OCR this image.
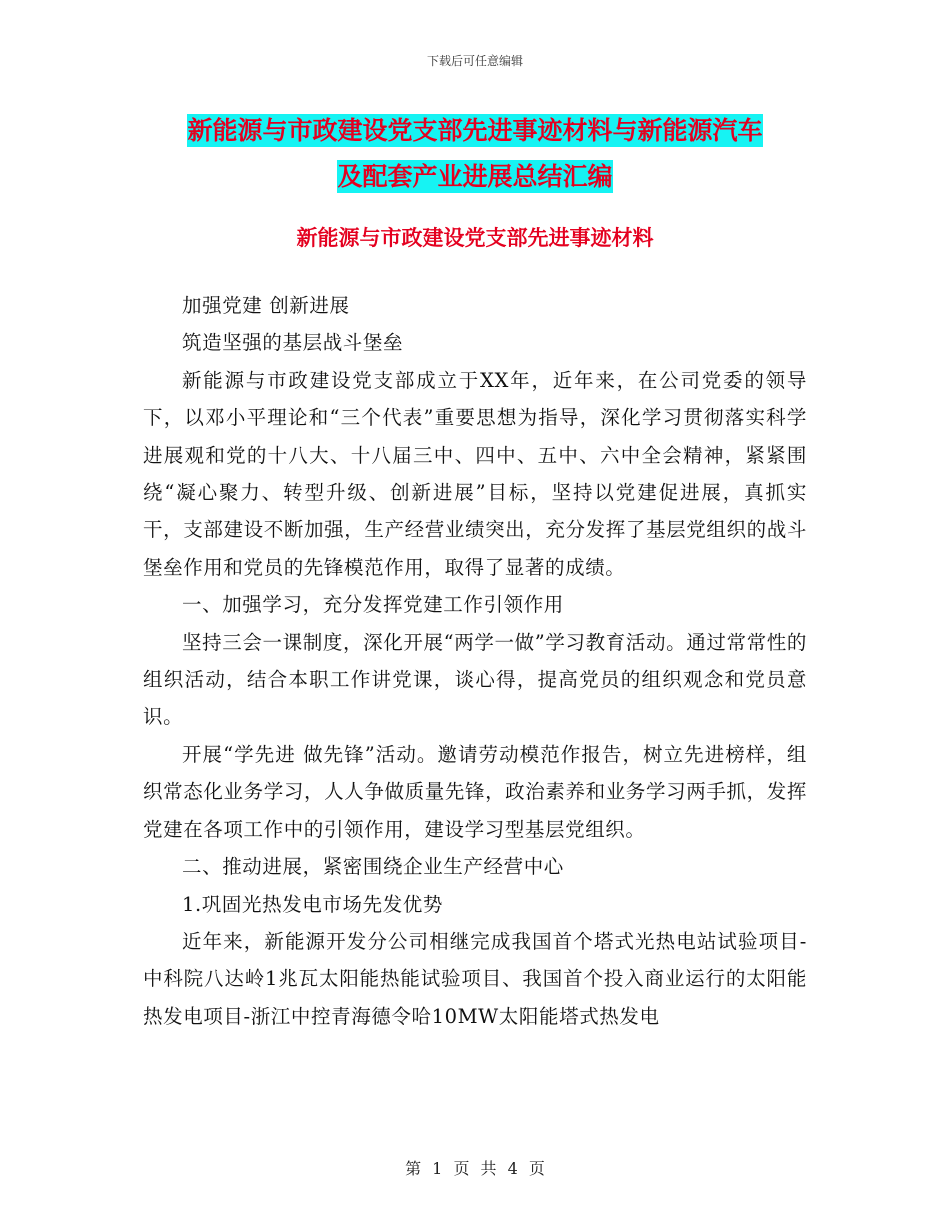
下载后可任意编辑
新能源与市政建设党支部先进事迹材料与新能源汽车
及配套产业进展总结汇编
新能源与市政建设党支部先进事迹材料

加强党建 创新进展

筑造坚强的基层战斗堡垒

新能源与市政建设党支部成立于XX年，近年来，在公司党委的领导下，以邓小平理论和“三个代表”重要思想为指导，深化学习贯彻落实科学进展观和党的十八大、十八届三中、四中、五中、六中全会精神，紧紧围绕“凝心聚力、转型升级、创新进展”目标，坚持以党建促进展，真抓实干，支部建设不断加强，生产经营业绩突出，充分发挥了基层党组织的战斗堡垒作用和党员的先锋模范作用，取得了显著的成绩。

一、加强学习，充分发挥党建工作引领作用

坚持三会一课制度，深化开展“两学一做”学习教育活动。通过常常性的组织活动，结合本职工作讲党课，谈心得，提高党员的组织观念和党员意识。

开展“学先进 做先锋”活动。邀请劳动模范作报告，树立先进榜样，组织常态化业务学习，人人争做质量先锋，政治素养和业务学习两手抓，发挥党建在各项工作中的引领作用，建设学习型基层党组织。

二、推动进展，紧密围绕企业生产经营中心

1.巩固光热发电市场先发优势

近年来，新能源开发分公司相继完成我国首个塔式光热电站试验项目-中科院八达岭1兆瓦太阳能热能试验项目、我国首个投入商业运行的太阳能热发电项目-浙江中控青海德令哈10MW太阳能塔式热发电

第 1 页 共 4 页
